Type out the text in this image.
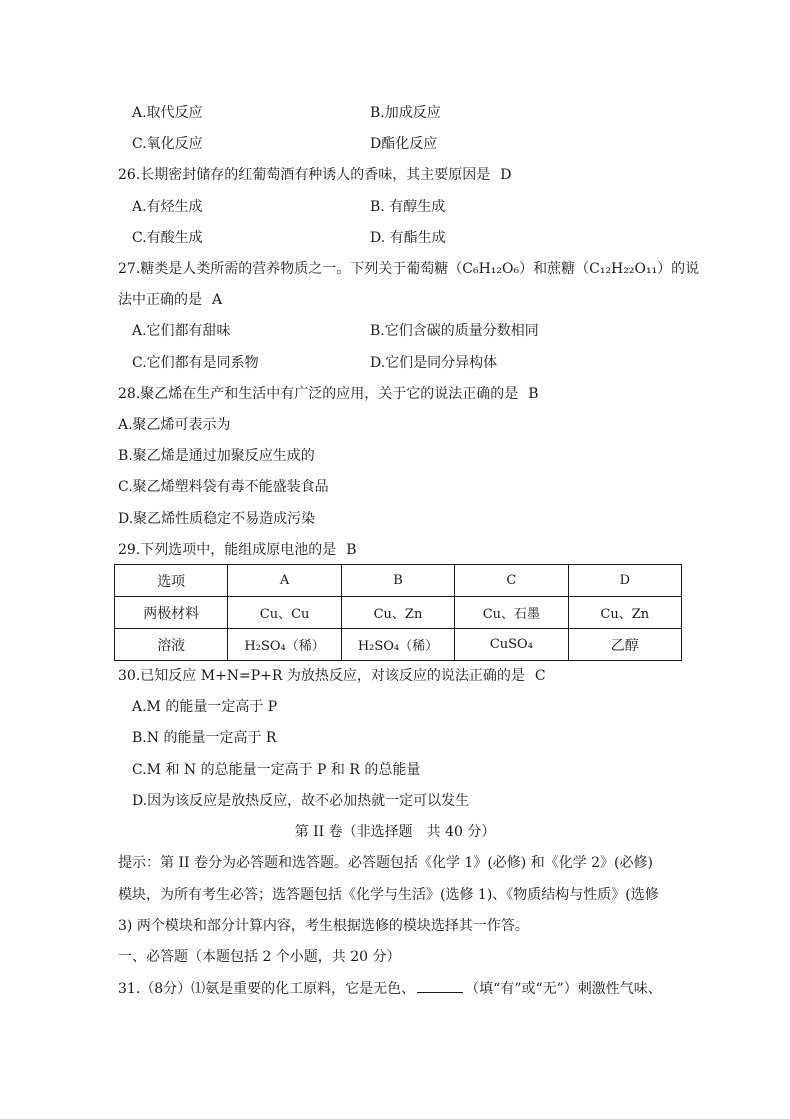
A.取代反应	B.加成反应
C.氧化反应	D酯化反应
26.长期密封储存的红葡萄酒有种诱人的香味，其主要原因是 D
A.有烃生成	B. 有醇生成
C.有酸生成	D. 有酯生成
27.糖类是人类所需的营养物质之一。下列关于葡萄糖（C₆H₁₂O₆）和蔗糖（C₁₂H₂₂O₁₁）的说
法中正确的是 A
A.它们都有甜味	B.它们含碳的质量分数相同
C.它们都有是同系物	D.它们是同分异构体
28.聚乙烯在生产和生活中有广泛的应用，关于它的说法正确的是 B
A.聚乙烯可表示为
B.聚乙烯是通过加聚反应生成的
C.聚乙烯塑料袋有毒不能盛装食品
D.聚乙烯性质稳定不易造成污染
29.下列选项中，能组成原电池的是 B
选项	A	B	C	D
两极材料	Cu、Cu	Cu、Zn	Cu、石墨	Cu、Zn
溶液	H₂SO₄（稀）	H₂SO₄（稀）	CuSO₄	乙醇
30.已知反应 M+N=P+R 为放热反应，对该反应的说法正确的是 C
A.M 的能量一定高于 P
B.N 的能量一定高于 R
C.M 和 N 的总能量一定高于 P 和 R 的总能量
D.因为该反应是放热反应，故不必加热就一定可以发生
第 II 卷（非选择题　共 40 分）
提示：第 II 卷分为必答题和选答题。必答题包括《化学 1》(必修) 和《化学 2》(必修)
模块，为所有考生必答；选答题包括《化学与生活》(选修 1)、《物质结构与性质》(选修
3) 两个模块和部分计算内容，考生根据选修的模块选择其一作答。
一、必答题（本题包括 2 个小题，共 20 分）
31.（8分）⑴氨是重要的化工原料，它是无色、	（填“有”或“无”）刺激性气味、
